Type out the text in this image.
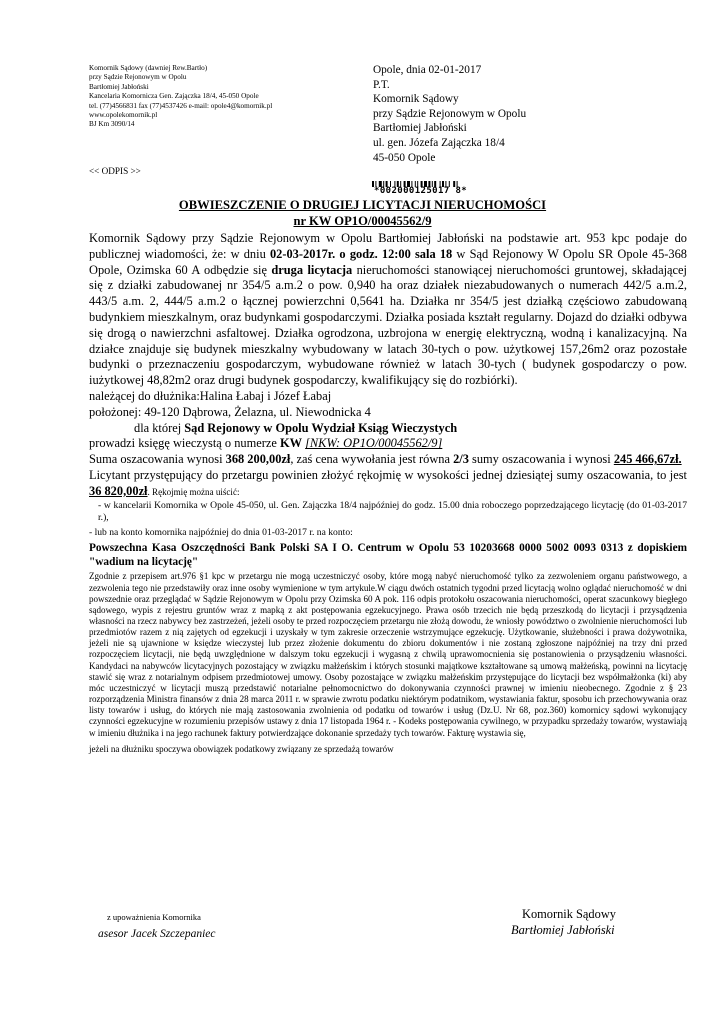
Komornik Sądowy (dawniej Rew.Bartło)
przy Sądzie Rejonowym w Opolu
Bartłomiej Jabłoński
Kancelaria Komornicza Gen. Zajączka 18/4, 45-050 Opole
tel. (77)4566831 fax (77)4537426 e-mail: opole4@komornik.pl
www.opolekomornik.pl
BJ Km 3090/14
Opole, dnia 02-01-2017
P.T.
Komornik Sądowy
przy Sądzie Rejonowym w Opolu
Bartłomiej Jabłoński
ul. gen. Józefa Zajączka 18/4
45-050 Opole
*002000125017 8*
<< ODPIS >>
OBWIESZCZENIE O DRUGIEJ LICYTACJI NIERUCHOMOŚCI
nr KW OP1O/00045562/9

Komornik Sądowy przy Sądzie Rejonowym w Opolu Bartłomiej Jabłoński na podstawie art. 953 kpc podaje do publicznej wiadomości, że: w dniu 02-03-2017r. o godz. 12:00 sala 18 w Sąd Rejonowy W Opolu SR Opole 45-368 Opole, Ozimska 60 A odbędzie się druga licytacja nieruchomości stanowiącej nieruchomości gruntowej, składającej się z działki zabudowanej nr 354/5 a.m.2 o pow. 0,940 ha oraz działek niezabudowanych o numerach 442/5 a.m.2, 443/5 a.m. 2, 444/5 a.m.2 o łącznej powierzchni 0,5641 ha. Działka nr 354/5 jest działką częściowo zabudowaną budynkiem mieszkalnym, oraz budynkami gospodarczymi. Działka posiada kształt regularny. Dojazd do działki odbywa się drogą o nawierzchni asfaltowej. Działka ogrodzona, uzbrojona w energię elektryczną, wodną i kanalizacyjną. Na działce znajduje się budynek mieszkalny wybudowany w latach 30-tych o pow. użytkowej 157,26m2 oraz pozostałe budynki o przeznaczeniu gospodarczym, wybudowane również w latach 30-tych ( budynek gospodarczy o pow. iużytkowej 48,82m2 oraz drugi budynek gospodarczy, kwalifikujący się do rozbiórki).

należącej do dłużnika:Halina Łabaj i Józef Łabaj

położonej: 49-120 Dąbrowa, Żelazna, ul. Niewodnicka 4

dla której Sąd Rejonowy w Opolu Wydział Ksiąg Wieczystych

prowadzi księgę wieczystą o numerze KW [NKW: OP1O/00045562/9]

Suma oszacowania wynosi 368 200,00zł, zaś cena wywołania jest równa 2/3 sumy oszacowania i wynosi 245 466,67zł.

Licytant przystępujący do przetargu powinien złożyć rękojmię w wysokości jednej dziesiątej sumy oszacowania, to jest 36 820,00zł. Rękojmię można uiścić:

- w kancelarii Komornika w Opole 45-050, ul. Gen. Zajączka 18/4 najpóźniej do godz. 15.00 dnia roboczego poprzedzającego licytację (do 01-03-2017 r.),

- lub na konto komornika najpóźniej do dnia 01-03-2017 r. na konto:

Powszechna Kasa Oszczędności Bank Polski SA I O. Centrum w Opolu 53 10203668 0000 5002 0093 0313 z dopiskiem "wadium na licytację"

Zgodnie z przepisem art.976 §1 kpc w przetargu nie mogą uczestniczyć osoby, które mogą nabyć nieruchomość tylko za zezwoleniem organu państwowego, a zezwolenia tego nie przedstawiły oraz inne osoby wymienione w tym artykule.W ciągu dwóch ostatnich tygodni przed licytacją wolno oglądać nieruchomość w dni powszednie oraz przeglądać w Sądzie Rejonowym w Opolu przy Ozimska 60 A pok. 116 odpis protokołu oszacowania nieruchomości, operat szacunkowy biegłego sądowego, wypis z rejestru gruntów wraz z mapką z akt postępowania egzekucyjnego. Prawa osób trzecich nie będą przeszkodą do licytacji i przysądzenia własności na rzecz nabywcy bez zastrzeżeń, jeżeli osoby te przed rozpoczęciem przetargu nie złożą dowodu, że wniosły powództwo o zwolnienie nieruchomości lub przedmiotów razem z nią zajętych od egzekucji i uzyskały w tym zakresie orzeczenie wstrzymujące egzekucję. Użytkowanie, służebności i prawa dożywotnika, jeżeli nie są ujawnione w księdze wieczystej lub przez złożenie dokumentu do zbioru dokumentów i nie zostaną zgłoszone najpóźniej na trzy dni przed rozpoczęciem licytacji, nie będą uwzględnione w dalszym toku egzekucji i wygasną z chwilą uprawomocnienia się postanowienia o przysądzeniu własności. Kandydaci na nabywców licytacyjnych pozostający w związku małżeńskim i których stosunki majątkowe kształtowane są umową małżeńską, powinni na licytację stawić się wraz z notarialnym odpisem przedmiotowej umowy. Osoby pozostające w związku małżeńskim przystępujące do licytacji bez współmałżonka (ki) aby móc uczestniczyć w licytacji muszą przedstawić notarialne pełnomocnictwo do dokonywania czynności prawnej w imieniu nieobecnego. Zgodnie z § 23 rozporządzenia Ministra finansów z dnia 28 marca 2011 r. w sprawie zwrotu podatku niektórym podatnikom, wystawiania faktur, sposobu ich przechowywania oraz listy towarów i usług, do których nie mają zastosowania zwolnienia od podatku od towarów i usług (Dz.U. Nr 68, poz.360) komornicy sądowi wykonujący czynności egzekucyjne w rozumieniu przepisów ustawy z dnia 17 listopada 1964 r. - Kodeks postępowania cywilnego, w przypadku sprzedaży towarów, wystawiają w imieniu dłużnika i na jego rachunek faktury potwierdzające dokonanie sprzedaży tych towarów. Fakturę wystawia się,

jeżeli na dłużniku spoczywa obowiązek podatkowy związany ze sprzedażą towarów

z upoważnienia Komornika
asesor Jacek Szczepaniec
Komornik Sądowy
Bartłomiej Jabłoński
